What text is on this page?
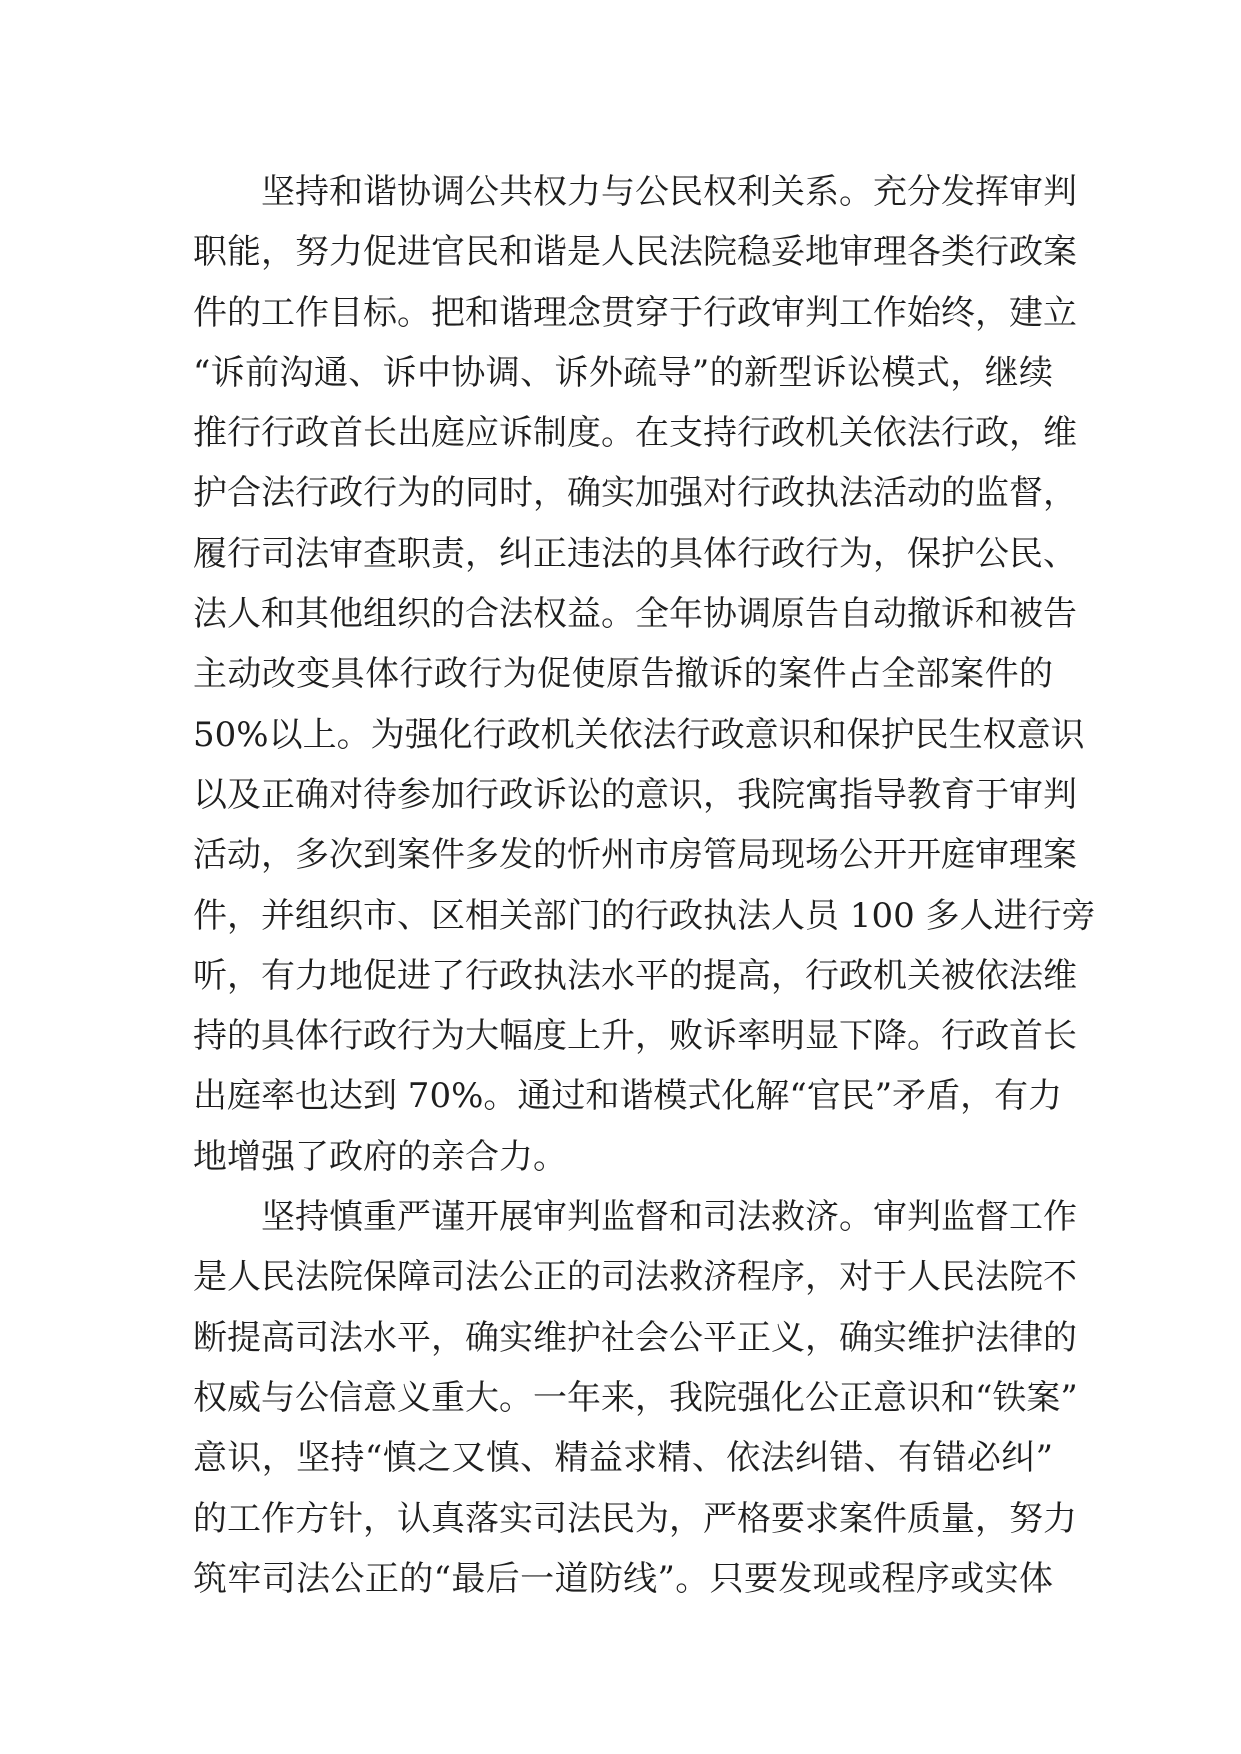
坚持和谐协调公共权力与公民权利关系。充分发挥审判
职能，努力促进官民和谐是人民法院稳妥地审理各类行政案
件的工作目标。把和谐理念贯穿于行政审判工作始终，建立
“诉前沟通、诉中协调、诉外疏导”的新型诉讼模式，继续
推行行政首长出庭应诉制度。在支持行政机关依法行政，维
护合法行政行为的同时，确实加强对行政执法活动的监督，
履行司法审查职责，纠正违法的具体行政行为，保护公民、
法人和其他组织的合法权益。全年协调原告自动撤诉和被告
主动改变具体行政行为促使原告撤诉的案件占全部案件的
50%以上。为强化行政机关依法行政意识和保护民生权意识
以及正确对待参加行政诉讼的意识，我院寓指导教育于审判
活动，多次到案件多发的忻州市房管局现场公开开庭审理案
件，并组织市、区相关部门的行政执法人员 100 多人进行旁
听，有力地促进了行政执法水平的提高，行政机关被依法维
持的具体行政行为大幅度上升，败诉率明显下降。行政首长
出庭率也达到 70%。通过和谐模式化解“官民”矛盾，有力
地增强了政府的亲合力。
坚持慎重严谨开展审判监督和司法救济。审判监督工作
是人民法院保障司法公正的司法救济程序，对于人民法院不
断提高司法水平，确实维护社会公平正义，确实维护法律的
权威与公信意义重大。一年来，我院强化公正意识和“铁案”
意识，坚持“慎之又慎、精益求精、依法纠错、有错必纠”
的工作方针，认真落实司法民为，严格要求案件质量，努力
筑牢司法公正的“最后一道防线”。只要发现或程序或实体
